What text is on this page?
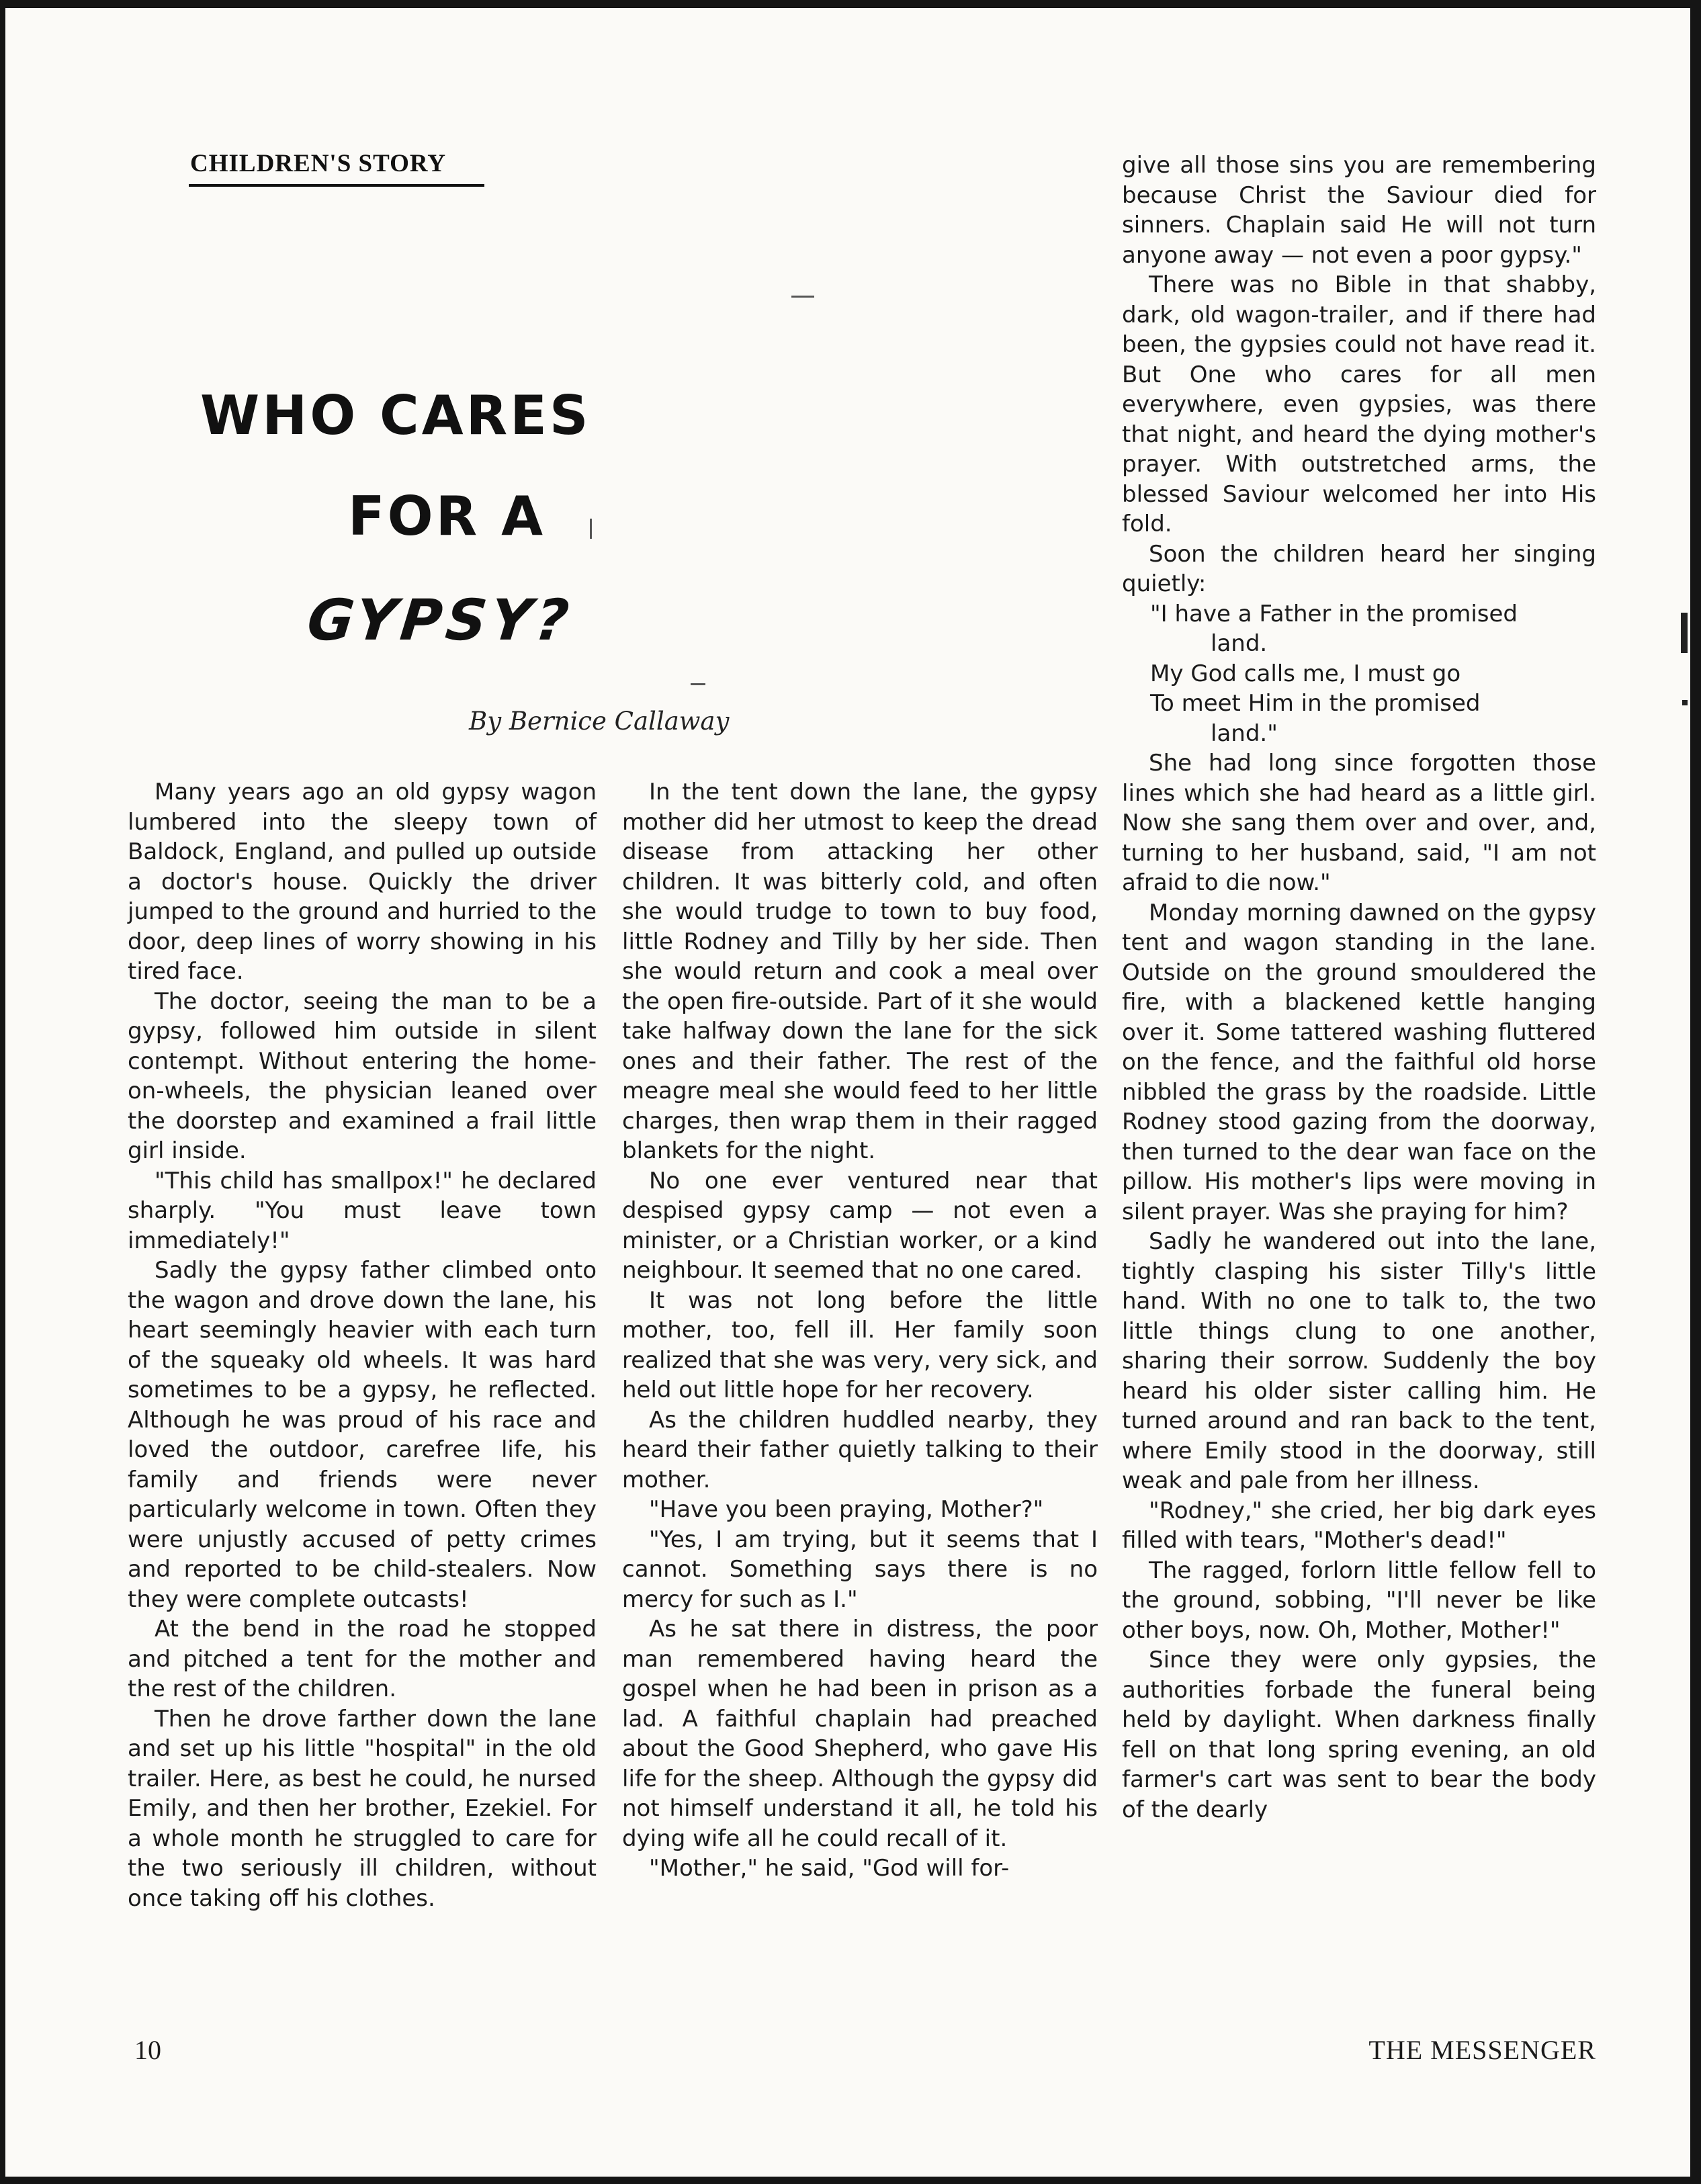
CHILDREN'S STORY
WHO CARES
FOR A
GYPSY?

By Bernice Callaway

Many years ago an old gypsy wagon lumbered into the sleepy town of Baldock, England, and pulled up outside a doctor's house. Quickly the driver jumped to the ground and hurried to the door, deep lines of worry showing in his tired face.

The doctor, seeing the man to be a gypsy, followed him outside in silent contempt. Without entering the home-on-wheels, the physician leaned over the doorstep and examined a frail little girl inside.

"This child has smallpox!" he declared sharply. "You must leave town immediately!"

Sadly the gypsy father climbed onto the wagon and drove down the lane, his heart seemingly heavier with each turn of the squeaky old wheels. It was hard sometimes to be a gypsy, he reflected. Although he was proud of his race and loved the outdoor, carefree life, his family and friends were never particularly welcome in town. Often they were unjustly accused of petty crimes and reported to be child-stealers. Now they were complete outcasts!

At the bend in the road he stopped and pitched a tent for the mother and the rest of the children.

Then he drove farther down the lane and set up his little "hospital" in the old trailer. Here, as best he could, he nursed Emily, and then her brother, Ezekiel. For a whole month he struggled to care for the two seriously ill children, without once taking off his clothes.

In the tent down the lane, the gypsy mother did her utmost to keep the dread disease from attacking her other children. It was bitterly cold, and often she would trudge to town to buy food, little Rodney and Tilly by her side. Then she would return and cook a meal over the open fire-outside. Part of it she would take halfway down the lane for the sick ones and their father. The rest of the meagre meal she would feed to her little charges, then wrap them in their ragged blankets for the night.

No one ever ventured near that despised gypsy camp — not even a minister, or a Christian worker, or a kind neighbour. It seemed that no one cared.

It was not long before the little mother, too, fell ill. Her family soon realized that she was very, very sick, and held out little hope for her recovery.

As the children huddled nearby, they heard their father quietly talking to their mother.

"Have you been praying, Mother?"

"Yes, I am trying, but it seems that I cannot. Something says there is no mercy for such as I."

As he sat there in distress, the poor man remembered having heard the gospel when he had been in prison as a lad. A faithful chaplain had preached about the Good Shepherd, who gave His life for the sheep. Although the gypsy did not himself understand it all, he told his dying wife all he could recall of it.

"Mother," he said, "God will for-

give all those sins you are remembering because Christ the Saviour died for sinners. Chaplain said He will not turn anyone away — not even a poor gypsy."

There was no Bible in that shabby, dark, old wagon-trailer, and if there had been, the gypsies could not have read it. But One who cares for all men everywhere, even gypsies, was there that night, and heard the dying mother's prayer. With outstretched arms, the blessed Saviour welcomed her into His fold.

Soon the children heard her singing quietly:

"I have a Father in the promised
land.
My God calls me, I must go
To meet Him in the promised
land."

She had long since forgotten those lines which she had heard as a little girl. Now she sang them over and over, and, turning to her husband, said, "I am not afraid to die now."

Monday morning dawned on the gypsy tent and wagon standing in the lane. Outside on the ground smouldered the fire, with a blackened kettle hanging over it. Some tattered washing fluttered on the fence, and the faithful old horse nibbled the grass by the roadside. Little Rodney stood gazing from the doorway, then turned to the dear wan face on the pillow. His mother's lips were moving in silent prayer. Was she praying for him?

Sadly he wandered out into the lane, tightly clasping his sister Tilly's little hand. With no one to talk to, the two little things clung to one another, sharing their sorrow. Suddenly the boy heard his older sister calling him. He turned around and ran back to the tent, where Emily stood in the doorway, still weak and pale from her illness.

"Rodney," she cried, her big dark eyes filled with tears, "Mother's dead!"

The ragged, forlorn little fellow fell to the ground, sobbing, "I'll never be like other boys, now. Oh, Mother, Mother!"

Since they were only gypsies, the authorities forbade the funeral being held by daylight. When darkness finally fell on that long spring evening, an old farmer's cart was sent to bear the body of the dearly

10	THE MESSENGER
